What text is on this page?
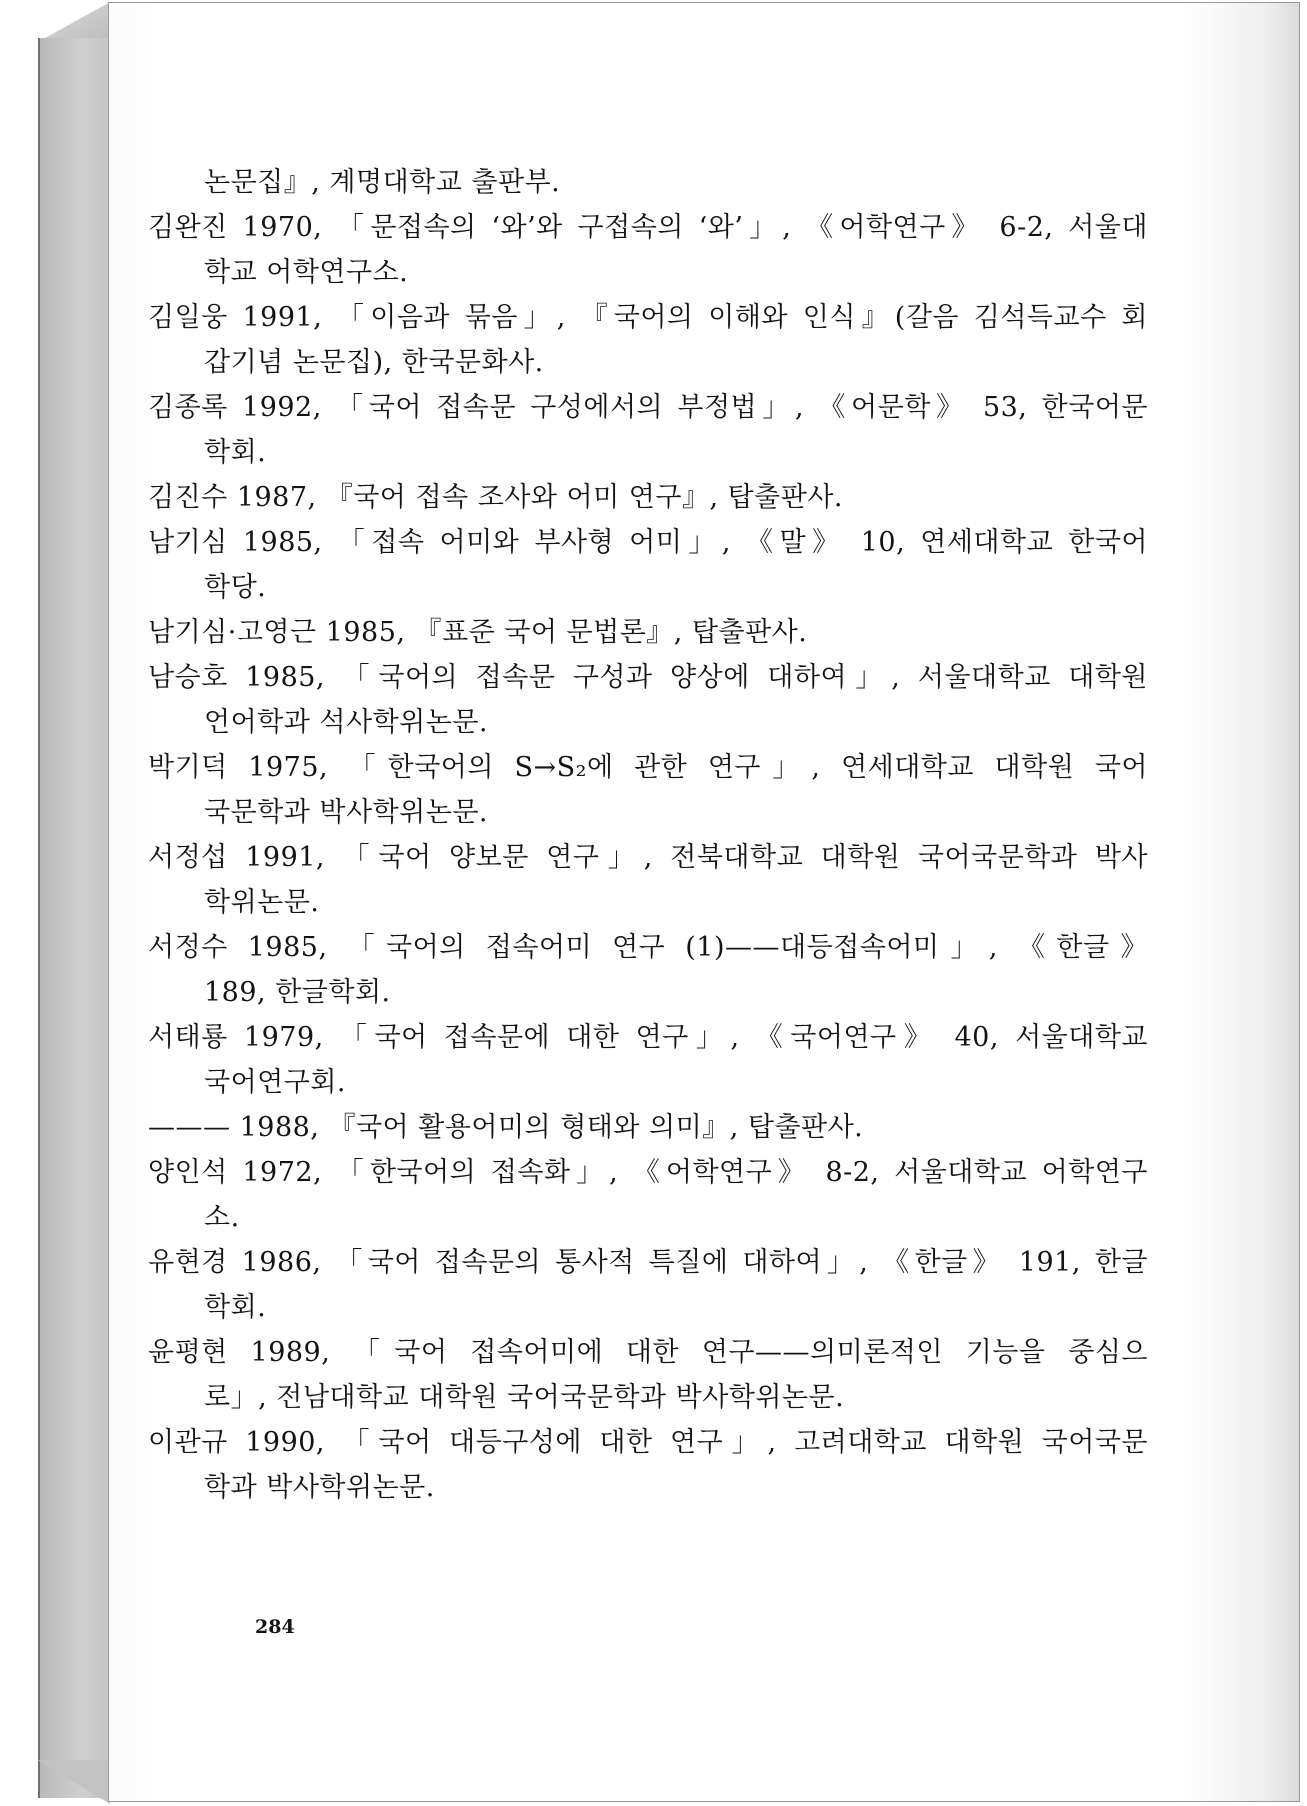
논문집』, 계명대학교 출판부.
김완진 1970, 「문접속의 ‘와’와 구접속의 ‘와’」, 《어학연구》 6-2, 서울대
학교 어학연구소.
김일웅 1991, 「이음과 묶음」, 『국어의 이해와 인식』(갈음 김석득교수 회
갑기념 논문집), 한국문화사.
김종록 1992, 「국어 접속문 구성에서의 부정법」, 《어문학》 53, 한국어문
학회.
김진수 1987, 『국어 접속 조사와 어미 연구』, 탑출판사.
남기심 1985, 「접속 어미와 부사형 어미」, 《말》 10, 연세대학교 한국어
학당.
남기심·고영근 1985, 『표준 국어 문법론』, 탑출판사.
남승호 1985, 「국어의 접속문 구성과 양상에 대하여」, 서울대학교 대학원
언어학과 석사학위논문.
박기덕 1975, 「한국어의 S→S₂에 관한 연구」, 연세대학교 대학원 국어
국문학과 박사학위논문.
서정섭 1991, 「국어 양보문 연구」, 전북대학교 대학원 국어국문학과 박사
학위논문.
서정수 1985, 「국어의 접속어미 연구 (1)——대등접속어미」, 《한글》
189, 한글학회.
서태룡 1979, 「국어 접속문에 대한 연구」, 《국어연구》 40, 서울대학교
국어연구회.
——— 1988, 『국어 활용어미의 형태와 의미』, 탑출판사.
양인석 1972, 「한국어의 접속화」, 《어학연구》 8-2, 서울대학교 어학연구
소.
유현경 1986, 「국어 접속문의 통사적 특질에 대하여」, 《한글》 191, 한글
학회.
윤평현 1989, 「국어 접속어미에 대한 연구——의미론적인 기능을 중심으
로」, 전남대학교 대학원 국어국문학과 박사학위논문.
이관규 1990, 「국어 대등구성에 대한 연구」, 고려대학교 대학원 국어국문
학과 박사학위논문.
284
